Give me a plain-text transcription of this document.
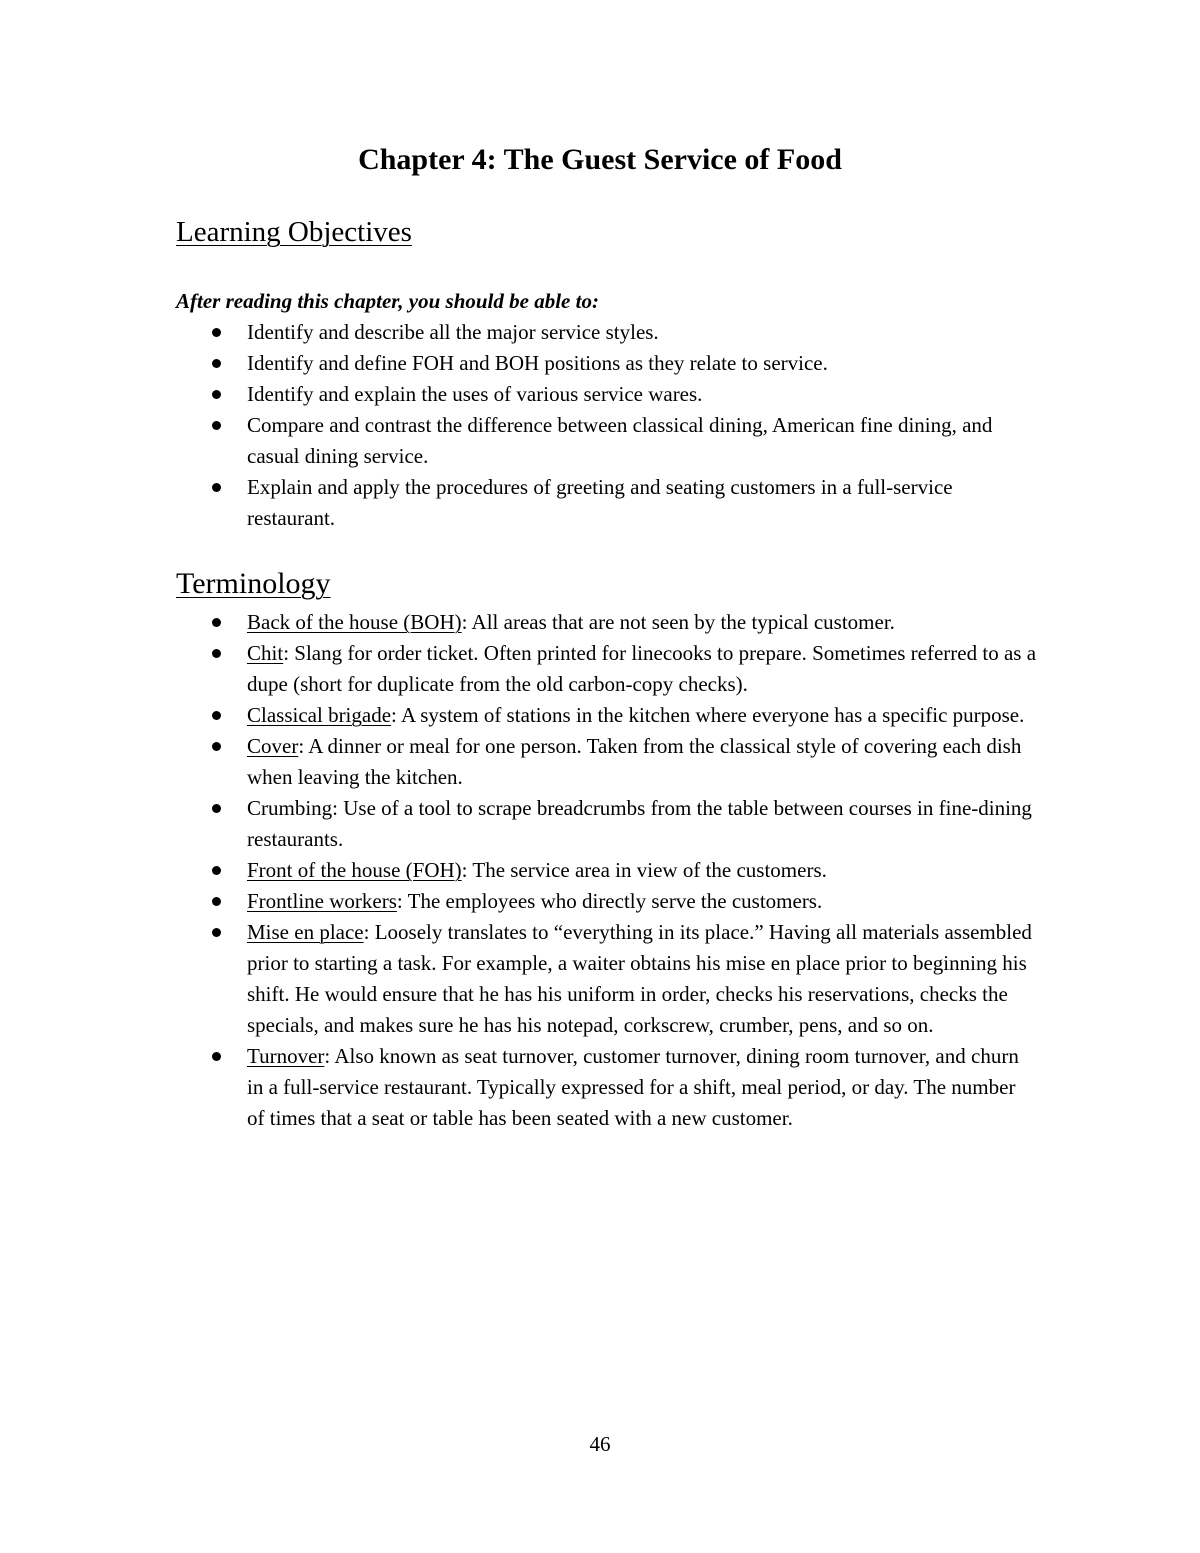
Chapter 4: The Guest Service of Food
Learning Objectives

After reading this chapter, you should be able to:

Identify and describe all the major service styles.
Identify and define FOH and BOH positions as they relate to service.
Identify and explain the uses of various service wares.
Compare and contrast the difference between classical dining, American fine dining, and casual dining service.
Explain and apply the procedures of greeting and seating customers in a full-service restaurant.
Terminology
Back of the house (BOH): All areas that are not seen by the typical customer.
Chit: Slang for order ticket. Often printed for linecooks to prepare. Sometimes referred to as a dupe (short for duplicate from the old carbon-copy checks).
Classical brigade: A system of stations in the kitchen where everyone has a specific purpose.
Cover: A dinner or meal for one person. Taken from the classical style of covering each dish when leaving the kitchen.
Crumbing: Use of a tool to scrape breadcrumbs from the table between courses in fine-dining restaurants.
Front of the house (FOH): The service area in view of the customers.
Frontline workers: The employees who directly serve the customers.
Mise en place: Loosely translates to “everything in its place.” Having all materials assembled prior to starting a task. For example, a waiter obtains his mise en place prior to beginning his shift. He would ensure that he has his uniform in order, checks his reservations, checks the specials, and makes sure he has his notepad, corkscrew, crumber, pens, and so on.
Turnover: Also known as seat turnover, customer turnover, dining room turnover, and churn in a full-service restaurant. Typically expressed for a shift, meal period, or day. The number of times that a seat or table has been seated with a new customer.

46
